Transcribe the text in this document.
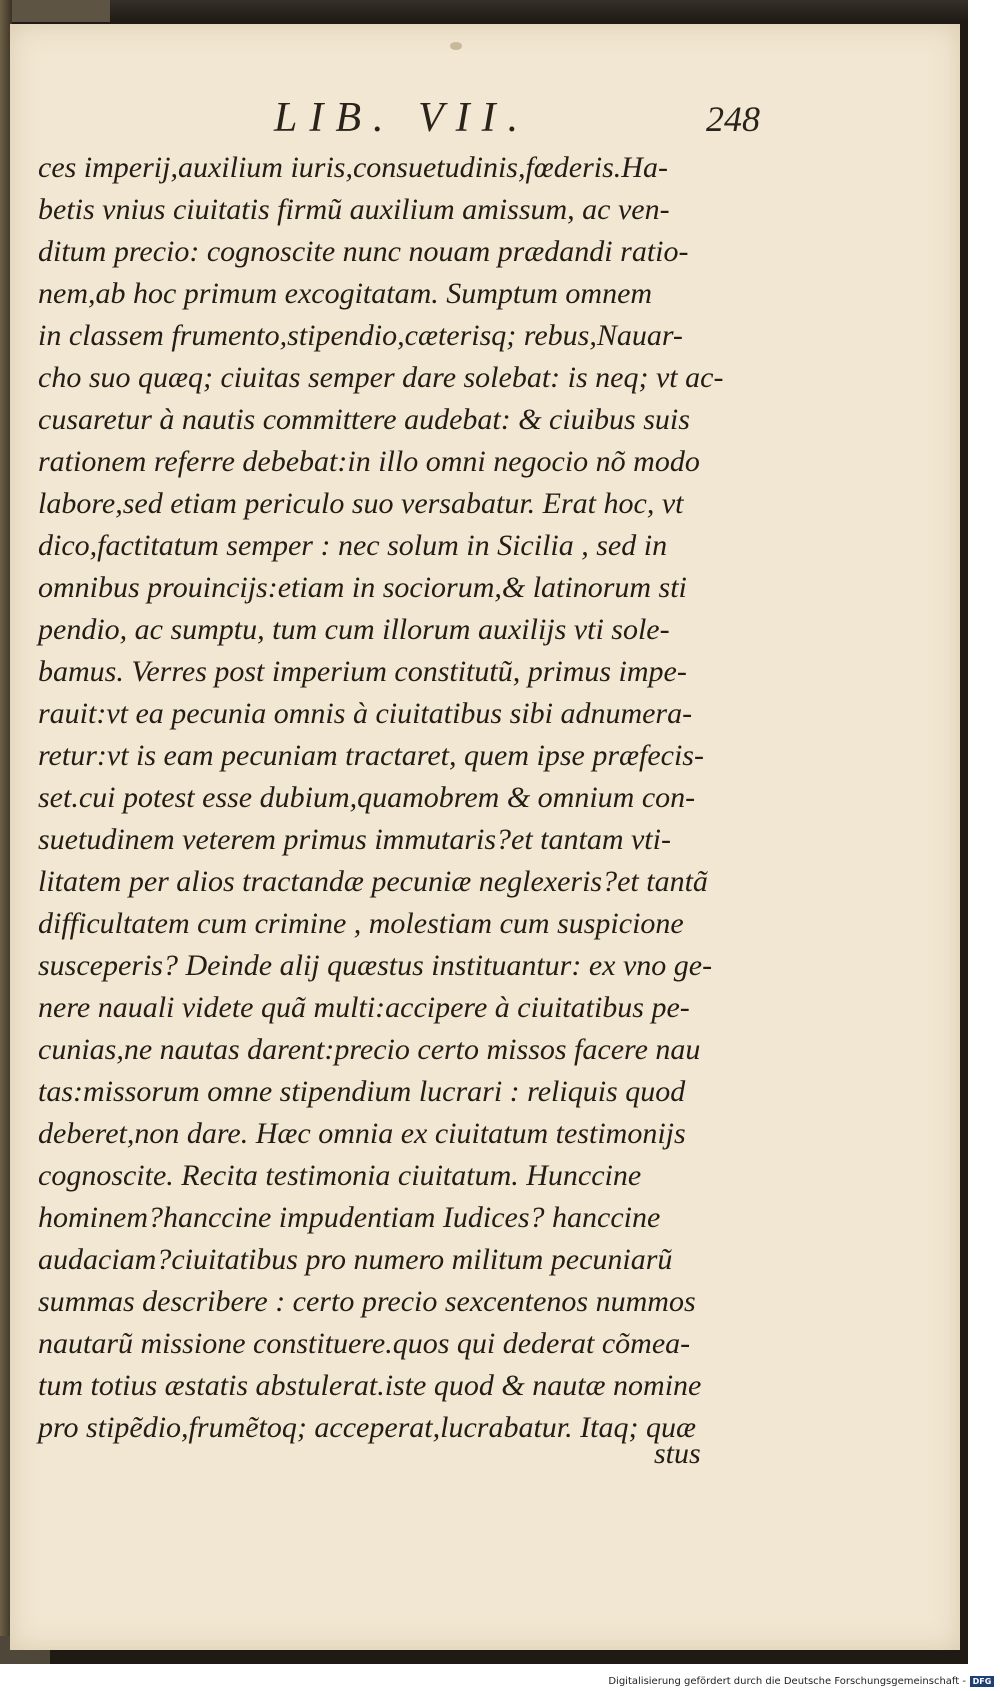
LIB. VII.	248
ces imperij,auxilium iuris,consuetudinis,fœderis.Ha-
betis vnius ciuitatis firmũ auxilium amissum, ac ven-
ditum precio: cognoscite nunc nouam prædandi ratio-
nem,ab hoc primum excogitatam. Sumptum omnem
in classem frumento,stipendio,cæterisq; rebus,Nauar-
cho suo quæq; ciuitas semper dare solebat: is neq; vt ac-
cusaretur à nautis committere audebat: & ciuibus suis
rationem referre debebat:in illo omni negocio nõ modo
labore,sed etiam periculo suo versabatur. Erat hoc, vt
dico,factitatum semper : nec solum in Sicilia , sed in
omnibus prouincijs:etiam in sociorum,& latinorum sti
pendio, ac sumptu, tum cum illorum auxilijs vti sole-
bamus. Verres post imperium constitutũ, primus impe-
rauit:vt ea pecunia omnis à ciuitatibus sibi adnumera-
retur:vt is eam pecuniam tractaret, quem ipse præfecis-
set.cui potest esse dubium,quamobrem & omnium con-
suetudinem veterem primus immutaris?et tantam vti-
litatem per alios tractandæ pecuniæ neglexeris?et tantã
difficultatem cum crimine , molestiam cum suspicione
susceperis? Deinde alij quæstus instituantur: ex vno ge-
nere nauali videte quã multi:accipere à ciuitatibus pe-
cunias,ne nautas darent:precio certo missos facere nau
tas:missorum omne stipendium lucrari : reliquis quod
deberet,non dare. Hæc omnia ex ciuitatum testimonijs
cognoscite. Recita testimonia ciuitatum. Hunccine
hominem?hanccine impudentiam Iudices? hanccine
audaciam?ciuitatibus pro numero militum pecuniarũ
summas describere : certo precio sexcentenos nummos
nautarũ missione constituere.quos qui dederat cõmea-
tum totius æstatis abstulerat.iste quod & nautæ nomine
pro stipẽdio,frumẽtoq; acceperat,lucrabatur. Itaq; quæ
stus
Digitalisierung gefördert durch die Deutsche Forschungsgemeinschaft - DFG
